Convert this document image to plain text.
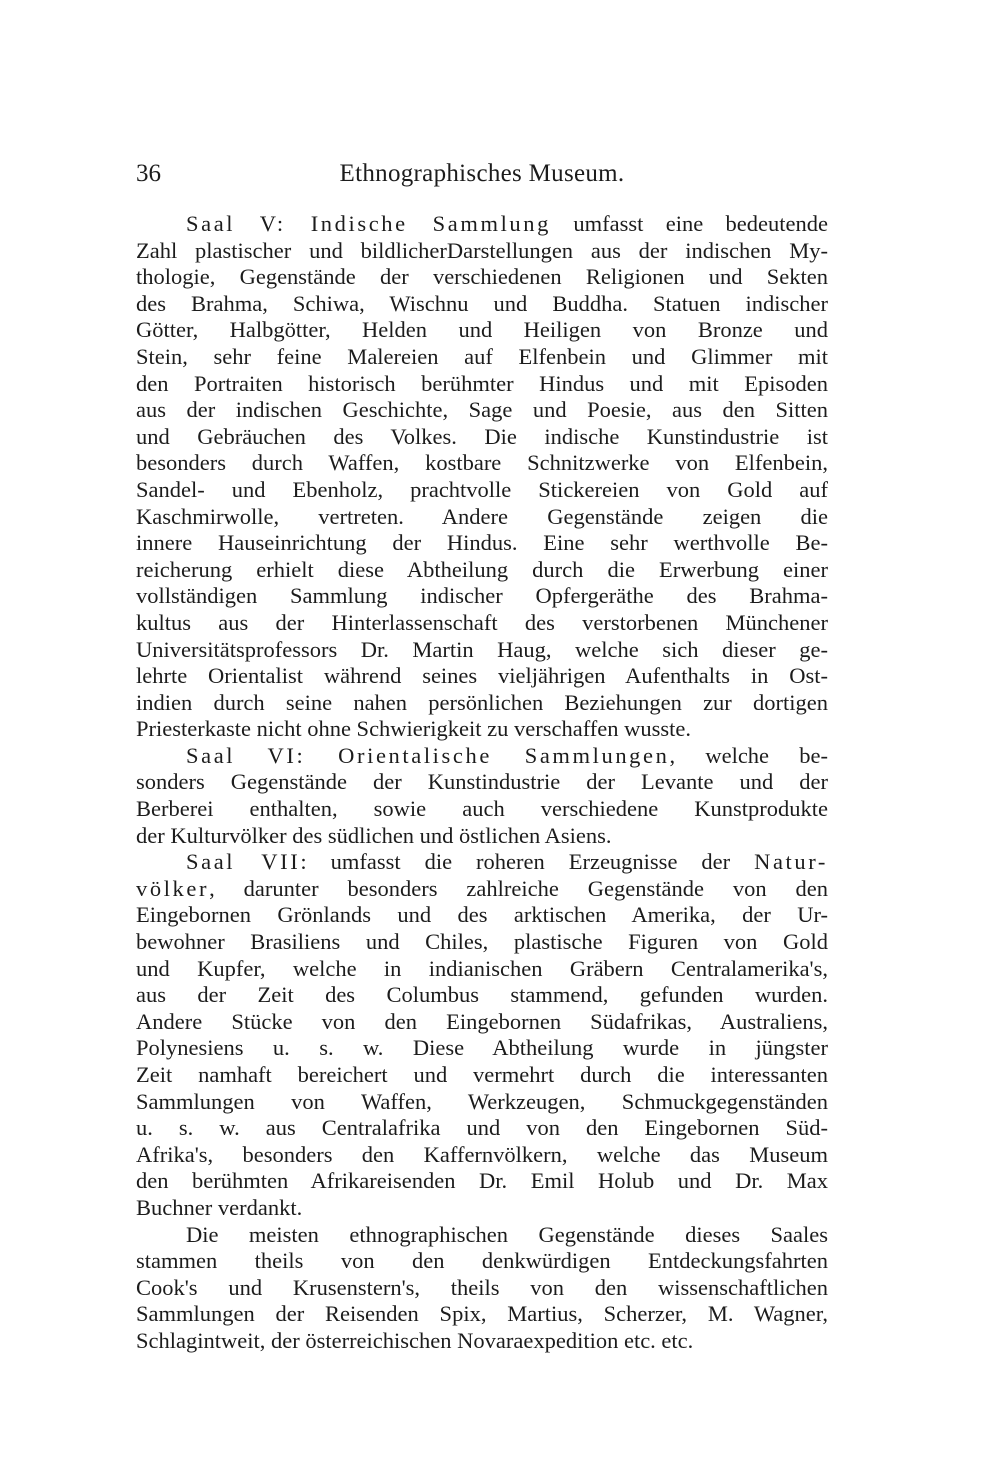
36	Ethnographisches Museum.
Saal V: Indische Sammlung umfasst eine bedeutende
Zahl plastischer und bildlicherDarstellungen aus der indischen My-
thologie, Gegenstände der verschiedenen Religionen und Sekten
des Brahma, Schiwa, Wischnu und Buddha. Statuen indischer
Götter, Halbgötter, Helden und Heiligen von Bronze und
Stein, sehr feine Malereien auf Elfenbein und Glimmer mit
den Portraiten historisch berühmter Hindus und mit Episoden
aus der indischen Geschichte, Sage und Poesie, aus den Sitten
und Gebräuchen des Volkes. Die indische Kunstindustrie ist
besonders durch Waffen, kostbare Schnitzwerke von Elfenbein,
Sandel- und Ebenholz, prachtvolle Stickereien von Gold auf
Kaschmirwolle, vertreten. Andere Gegenstände zeigen die
innere Hauseinrichtung der Hindus. Eine sehr werthvolle Be-
reicherung erhielt diese Abtheilung durch die Erwerbung einer
vollständigen Sammlung indischer Opfergeräthe des Brahma-
kultus aus der Hinterlassenschaft des verstorbenen Münchener
Universitätsprofessors Dr. Martin Haug, welche sich dieser ge-
lehrte Orientalist während seines vieljährigen Aufenthalts in Ost-
indien durch seine nahen persönlichen Beziehungen zur dortigen
Priesterkaste nicht ohne Schwierigkeit zu verschaffen wusste.
Saal VI: Orientalische Sammlungen, welche be-
sonders Gegenstände der Kunstindustrie der Levante und der
Berberei enthalten, sowie auch verschiedene Kunstprodukte
der Kulturvölker des südlichen und östlichen Asiens.
Saal VII: umfasst die roheren Erzeugnisse der Natur-
völker, darunter besonders zahlreiche Gegenstände von den
Eingebornen Grönlands und des arktischen Amerika, der Ur-
bewohner Brasiliens und Chiles, plastische Figuren von Gold
und Kupfer, welche in indianischen Gräbern Centralamerika's,
aus der Zeit des Columbus stammend, gefunden wurden.
Andere Stücke von den Eingebornen Südafrikas, Australiens,
Polynesiens u. s. w. Diese Abtheilung wurde in jüngster
Zeit namhaft bereichert und vermehrt durch die interessanten
Sammlungen von Waffen, Werkzeugen, Schmuckgegenständen
u. s. w. aus Centralafrika und von den Eingebornen Süd-
Afrika's, besonders den Kaffernvölkern, welche das Museum
den berühmten Afrikareisenden Dr. Emil Holub und Dr. Max
Buchner verdankt.
Die meisten ethnographischen Gegenstände dieses Saales
stammen theils von den denkwürdigen Entdeckungsfahrten
Cook's und Krusenstern's, theils von den wissenschaftlichen
Sammlungen der Reisenden Spix, Martius, Scherzer, M. Wagner,
Schlagintweit, der österreichischen Novaraexpedition etc. etc.
